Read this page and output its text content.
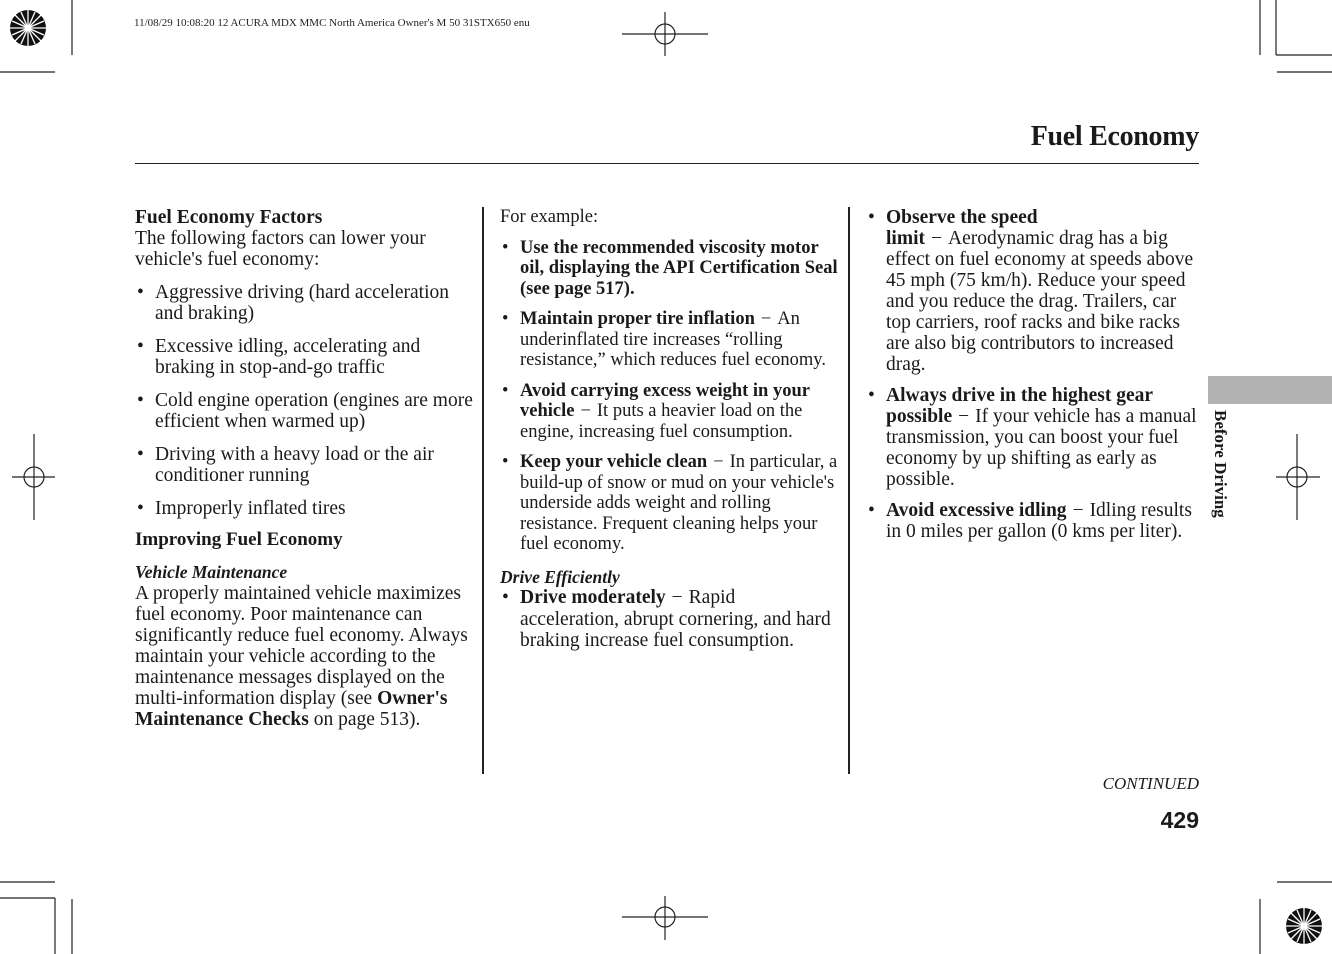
11/08/29 10:08:20 12 ACURA MDX MMC North America Owner's M 50 31STX650 enu
Fuel Economy
Fuel Economy Factors

The following factors can lower your vehicle's fuel economy:

• Aggressive driving (hard acceleration and braking)
• Excessive idling, accelerating and braking in stop-and-go traffic
• Cold engine operation (engines are more efficient when warmed up)
• Driving with a heavy load or the air conditioner running
• Improperly inflated tires
Improving Fuel Economy
Vehicle Maintenance

A properly maintained vehicle maximizes fuel economy. Poor maintenance can significantly reduce fuel economy. Always maintain your vehicle according to the maintenance messages displayed on the multi-information display (see Owner's Maintenance Checks on page 513).

For example:

• Use the recommended viscosity motor oil, displaying the API Certification Seal (see page 517).
• Maintain proper tire inflation − An underinflated tire increases “rolling resistance,” which reduces fuel economy.
• Avoid carrying excess weight in your vehicle − It puts a heavier load on the engine, increasing fuel consumption.
• Keep your vehicle clean − In particular, a build-up of snow or mud on your vehicle's underside adds weight and rolling resistance. Frequent cleaning helps your fuel economy.
Drive Efficiently
• Drive moderately − Rapid acceleration, abrupt cornering, and hard braking increase fuel consumption.
• Observe the speed limit − Aerodynamic drag has a big effect on fuel economy at speeds above 45 mph (75 km/h). Reduce your speed and you reduce the drag. Trailers, car top carriers, roof racks and bike racks are also big contributors to increased drag.
• Always drive in the highest gear possible − If your vehicle has a manual transmission, you can boost your fuel economy by up shifting as early as possible.
• Avoid excessive idling − Idling results in 0 miles per gallon (0 kms per liter).
Before Driving
CONTINUED
429
